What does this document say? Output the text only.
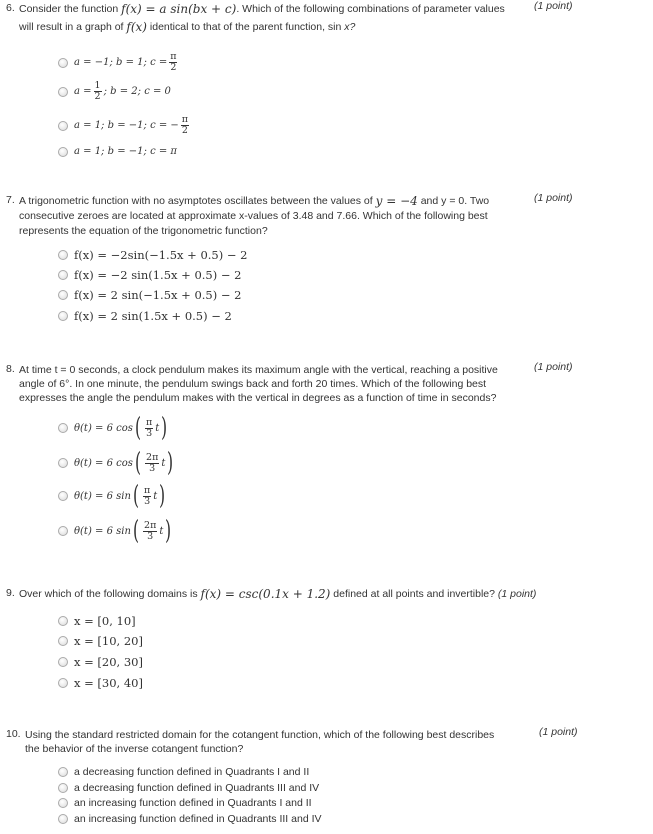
6. Consider the function
f(x) = a sin(bx + c) . Which of the following combinations of parameter values
will result in a graph of
f(x)
identical to that of the parent function, sin
x?
(1 point)
a = −1;
b = 1;
$c = \frac{\pi}{2}$
$a = \frac{1}{2}$ ; b = 2;
c = 0
a = 1;
b = −1;
c = − $\frac{\pi}{2}$
a = 1;
b = −1;
c = π
7. A trigonometric function with no asymptotes oscillates between the values of
y = −4
and
y = 0. Two
consecutive zeroes are located at approximate x-values of 3.48 and 7.66. Which of the following best
represents the equation of the trigonometric function?
(1 point)
f(x) = −2sin(−1.5x + 0.5) − 2
f(x) = −2 sin(1.5x + 0.5) − 2
f(x) = 2 sin(−1.5x + 0.5) − 2
f(x) = 2 sin(1.5x + 0.5) − 2
8. At time t = 0 seconds, a clock pendulum makes its maximum angle with the vertical, reaching a positive
angle of 6°. In one minute, the pendulum swings back and forth 20 times. Which of the following best
expresses the angle the pendulum makes with the vertical in degrees as a function of time in seconds?
(1 point)
θ(t) = 6 cos ( $\frac{\pi}{3}$ t )
θ(t) = 6 cos ( $\frac{2\pi}{3}$ t )
θ(t) = 6 sin ( $\frac{\pi}{3}$ t )
θ(t) = 6 sin ( $\frac{2\pi}{3}$ t )
9. Over which of the following domains is
f(x) = csc(0.1x + 1.2)
defined at all points and invertible?
(1 point)
x = [0, 10]
x = [10, 20]
x = [20, 30]
x = [30, 40]
10. Using the standard restricted domain for the cotangent function, which of the following best describes
the behavior of the inverse cotangent function?
(1 point)
a decreasing function defined in Quadrants I and II
a decreasing function defined in Quadrants III and IV
an increasing function defined in Quadrants I and II
an increasing function defined in Quadrants III and IV
